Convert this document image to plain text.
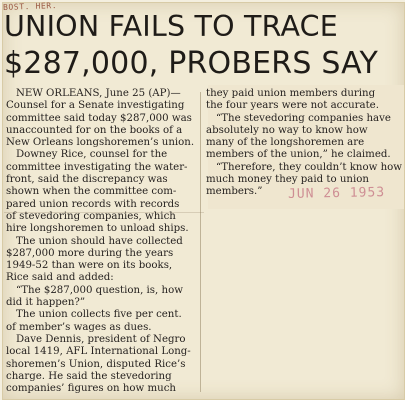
BOST. HER.
UNION FAILS TO TRACE
$287,000, PROBERS SAY
NEW ORLEANS, June 25 (AP)—
Counsel for a Senate investigating
committee said today $287,000 was
unaccounted for on the books of a
New Orleans longshoremen’s union.
Downey Rice, counsel for the
committee investigating the water-
front, said the discrepancy was
shown when the committee com-
pared union records with records
of stevedoring companies, which
hire longshoremen to unload ships.
The union should have collected
$287,000 more during the years
1949-52 than were on its books,
Rice said and added:
“The $287,000 question, is, how
did it happen?”
The union collects five per cent.
of member’s wages as dues.
Dave Dennis, president of Negro
local 1419, AFL International Long-
shoremen’s Union, disputed Rice’s
charge. He said the stevedoring
companies’ figures on how much
they paid union members during
the four years were not accurate.
“The stevedoring companies have
absolutely no way to know how
many of the longshoremen are
members of the union,” he claimed.
“Therefore, they couldn’t know how
much money they paid to union
members.”	JUN 26 1953
